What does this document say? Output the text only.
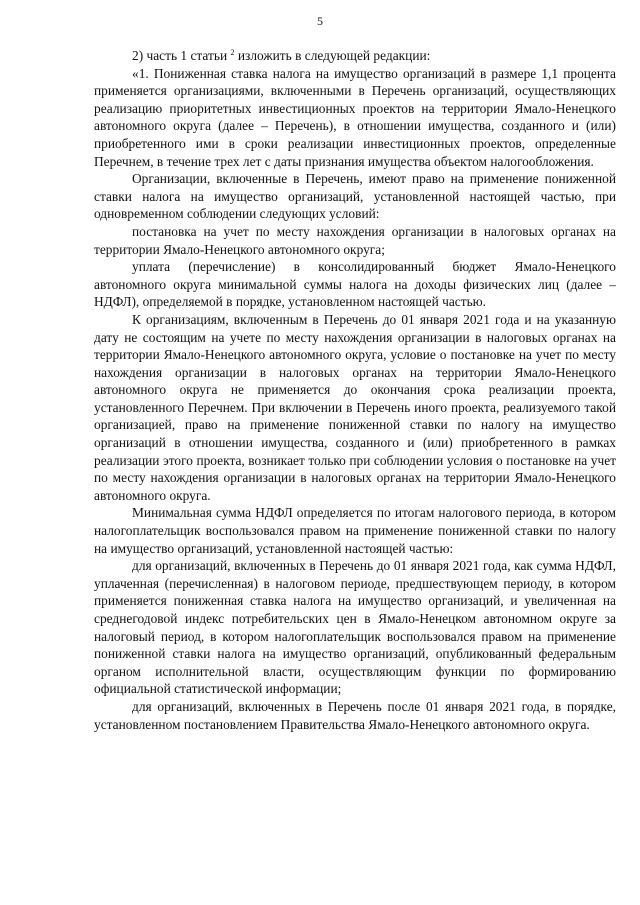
5

2) часть 1 статьи $^2$ изложить в следующей редакции:

«1. Пониженная ставка налога на имущество организаций в размере 1,1 процента применяется организациями, включенными в Перечень организаций, осуществляющих реализацию приоритетных инвестиционных проектов на территории Ямало-Ненецкого автономного округа (далее – Перечень), в отношении имущества, созданного и (или) приобретенного ими в сроки реализации инвестиционных проектов, определенные Перечнем, в течение трех лет с даты признания имущества объектом налогообложения.

Организации, включенные в Перечень, имеют право на применение пониженной ставки налога на имущество организаций, установленной настоящей частью, при одновременном соблюдении следующих условий:

постановка на учет по месту нахождения организации в налоговых органах на территории Ямало-Ненецкого автономного округа;

уплата (перечисление) в консолидированный бюджет Ямало-Ненецкого автономного округа минимальной суммы налога на доходы физических лиц (далее – НДФЛ), определяемой в порядке, установленном настоящей частью.

К организациям, включенным в Перечень до 01 января 2021 года и на указанную дату не состоящим на учете по месту нахождения организации в налоговых органах на территории Ямало-Ненецкого автономного округа, условие о постановке на учет по месту нахождения организации в налоговых органах на территории Ямало-Ненецкого автономного округа не применяется до окончания срока реализации проекта, установленного Перечнем. При включении в Перечень иного проекта, реализуемого такой организацией, право на применение пониженной ставки по налогу на имущество организаций в отношении имущества, созданного и (или) приобретенного в рамках реализации этого проекта, возникает только при соблюдении условия о постановке на учет по месту нахождения организации в налоговых органах на территории Ямало-Ненецкого автономного округа.

Минимальная сумма НДФЛ определяется по итогам налогового периода, в котором налогоплательщик воспользовался правом на применение пониженной ставки по налогу на имущество организаций, установленной настоящей частью:

для организаций, включенных в Перечень до 01 января 2021 года, как сумма НДФЛ, уплаченная (перечисленная) в налоговом периоде, предшествующем периоду, в котором применяется пониженная ставка налога на имущество организаций, и увеличенная на среднегодовой индекс потребительских цен в Ямало-Ненецком автономном округе за налоговый период, в котором налогоплательщик воспользовался правом на применение пониженной ставки налога на имущество организаций, опубликованный федеральным органом исполнительной власти, осуществляющим функции по формированию официальной статистической информации;

для организаций, включенных в Перечень после 01 января 2021 года, в порядке, установленном постановлением Правительства Ямало-Ненецкого автономного округа.
